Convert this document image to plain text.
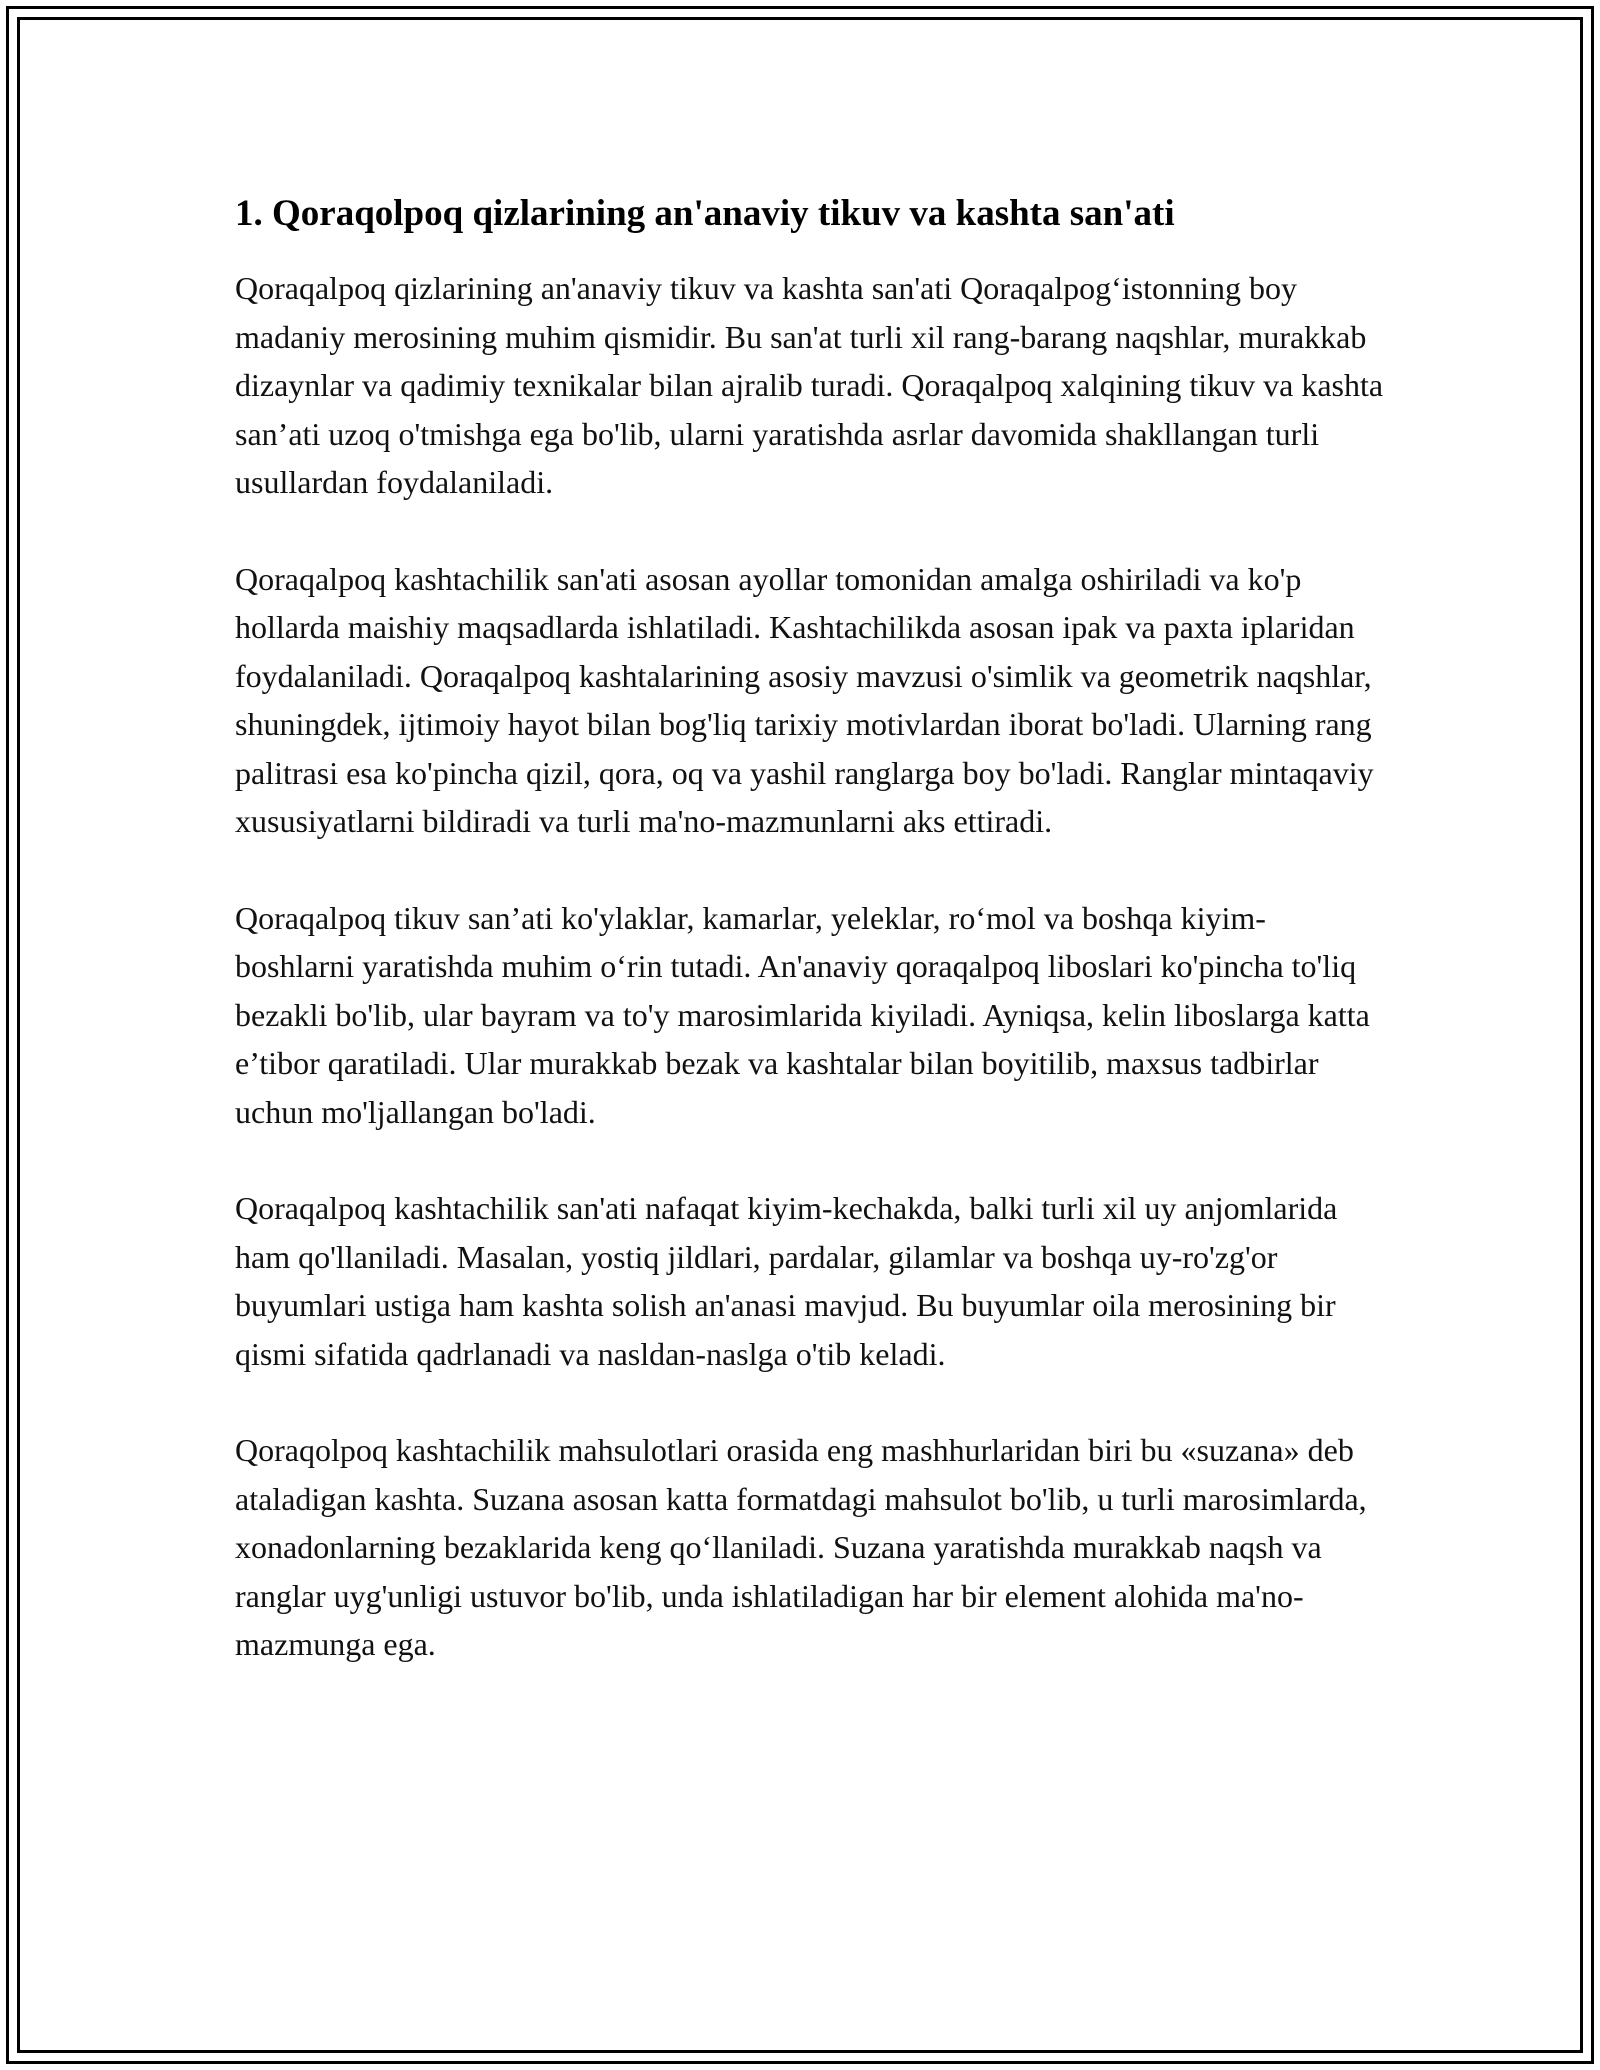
1. Qoraqolpoq qizlarining an'anaviy tikuv va kashta san'ati

Qoraqalpoq qizlarining an'anaviy tikuv va kashta san'ati Qoraqalpog‘istonning boy madaniy merosining muhim qismidir. Bu san'at turli xil rang-barang naqshlar, murakkab dizaynlar va qadimiy texnikalar bilan ajralib turadi. Qoraqalpoq xalqining tikuv va kashta san’ati uzoq o'tmishga ega bo'lib, ularni yaratishda asrlar davomida shakllangan turli usullardan foydalaniladi.

Qoraqalpoq kashtachilik san'ati asosan ayollar tomonidan amalga oshiriladi va ko'p hollarda maishiy maqsadlarda ishlatiladi. Kashtachilikda asosan ipak va paxta iplaridan foydalaniladi. Qoraqalpoq kashtalarining asosiy mavzusi o'simlik va geometrik naqshlar, shuningdek, ijtimoiy hayot bilan bog'liq tarixiy motivlardan iborat bo'ladi. Ularning rang palitrasi esa ko'pincha qizil, qora, oq va yashil ranglarga boy bo'ladi. Ranglar mintaqaviy xususiyatlarni bildiradi va turli ma'no-mazmunlarni aks ettiradi.

Qoraqalpoq tikuv san’ati ko'ylaklar, kamarlar, yeleklar, ro‘mol va boshqa kiyim-boshlarni yaratishda muhim o‘rin tutadi. An'anaviy qoraqalpoq liboslari ko'pincha to'liq bezakli bo'lib, ular bayram va to'y marosimlarida kiyiladi. Ayniqsa, kelin liboslarga katta e’tibor qaratiladi. Ular murakkab bezak va kashtalar bilan boyitilib, maxsus tadbirlar uchun mo'ljallangan bo'ladi.

Qoraqalpoq kashtachilik san'ati nafaqat kiyim-kechakda, balki turli xil uy anjomlarida ham qo'llaniladi. Masalan, yostiq jildlari, pardalar, gilamlar va boshqa uy-ro'zg'or buyumlari ustiga ham kashta solish an'anasi mavjud. Bu buyumlar oila merosining bir qismi sifatida qadrlanadi va nasldan-naslga o'tib keladi.

Qoraqolpoq kashtachilik mahsulotlari orasida eng mashhurlaridan biri bu «suzana» deb ataladigan kashta. Suzana asosan katta formatdagi mahsulot bo'lib, u turli marosimlarda, xonadonlarning bezaklarida keng qo‘llaniladi. Suzana yaratishda murakkab naqsh va ranglar uyg'unligi ustuvor bo'lib, unda ishlatiladigan har bir element alohida ma'no-mazmunga ega.
